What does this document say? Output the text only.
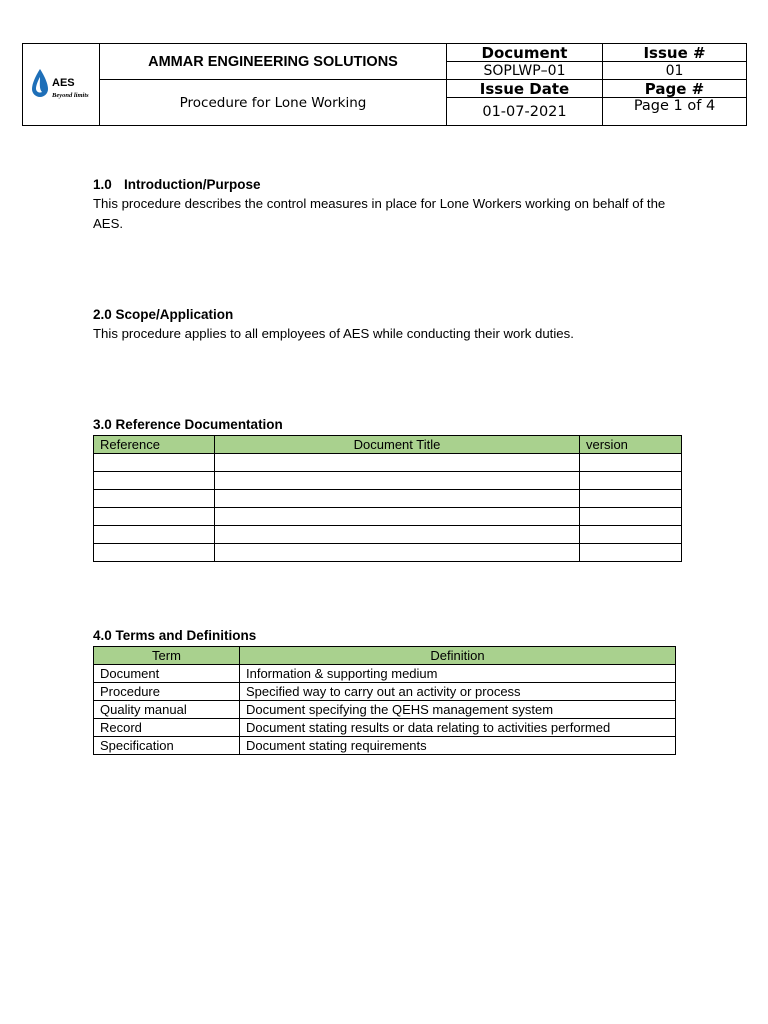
AES
Beyond limits	AMMAR ENGINEERING SOLUTIONS	Document	Issue #
		SOPLWP–01	01
	Procedure for Lone Working	Issue Date	Page #
		01-07-2021	Page 1 of 4
1.0 Introduction/Purpose
This procedure describes the control measures in place for Lone Workers working on behalf of the AES.
2.0 Scope/Application
This procedure applies to all employees of AES while conducting their work duties.
3.0 Reference Documentation
Reference	Document Title	version

4.0 Terms and Definitions
Term	Definition
Document	Information & supporting medium
Procedure	Specified way to carry out an activity or process
Quality manual	Document specifying the QEHS management system
Record	Document stating results or data relating to activities performed
Specification	Document stating requirements
